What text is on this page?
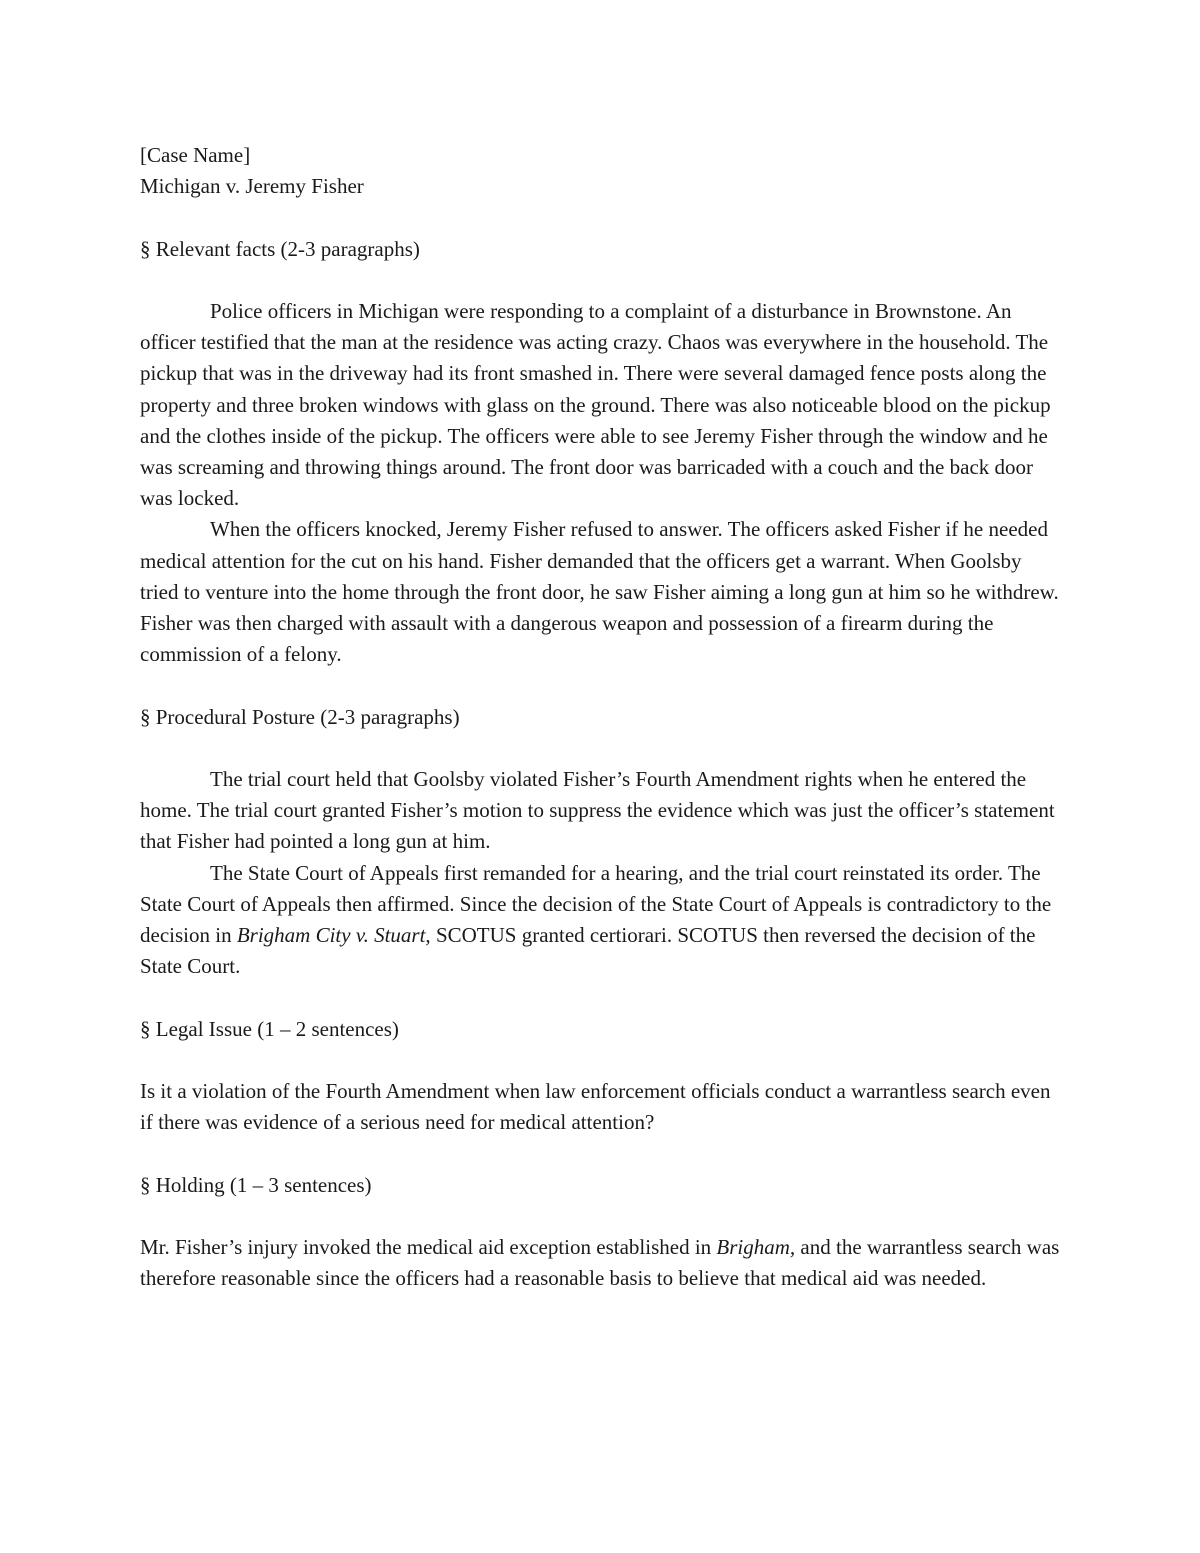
[Case Name]

Michigan v. Jeremy Fisher

§ Relevant facts (2-3 paragraphs)

Police officers in Michigan were responding to a complaint of a disturbance in Brownstone. An officer testified that the man at the residence was acting crazy. Chaos was everywhere in the household. The pickup that was in the driveway had its front smashed in. There were several damaged fence posts along the property and three broken windows with glass on the ground. There was also noticeable blood on the pickup and the clothes inside of the pickup. The officers were able to see Jeremy Fisher through the window and he was screaming and throwing things around. The front door was barricaded with a couch and the back door was locked.

When the officers knocked, Jeremy Fisher refused to answer. The officers asked Fisher if he needed medical attention for the cut on his hand. Fisher demanded that the officers get a warrant. When Goolsby tried to venture into the home through the front door, he saw Fisher aiming a long gun at him so he withdrew. Fisher was then charged with assault with a dangerous weapon and possession of a firearm during the commission of a felony.

§ Procedural Posture (2-3 paragraphs)

The trial court held that Goolsby violated Fisher’s Fourth Amendment rights when he entered the home. The trial court granted Fisher’s motion to suppress the evidence which was just the officer’s statement that Fisher had pointed a long gun at him.

The State Court of Appeals first remanded for a hearing, and the trial court reinstated its order. The State Court of Appeals then affirmed. Since the decision of the State Court of Appeals is contradictory to the decision in Brigham City v. Stuart, SCOTUS granted certiorari. SCOTUS then reversed the decision of the State Court.

§ Legal Issue (1 – 2 sentences)

Is it a violation of the Fourth Amendment when law enforcement officials conduct a warrantless search even if there was evidence of a serious need for medical attention?

§ Holding (1 – 3 sentences)

Mr. Fisher’s injury invoked the medical aid exception established in Brigham, and the warrantless search was therefore reasonable since the officers had a reasonable basis to believe that medical aid was needed.
